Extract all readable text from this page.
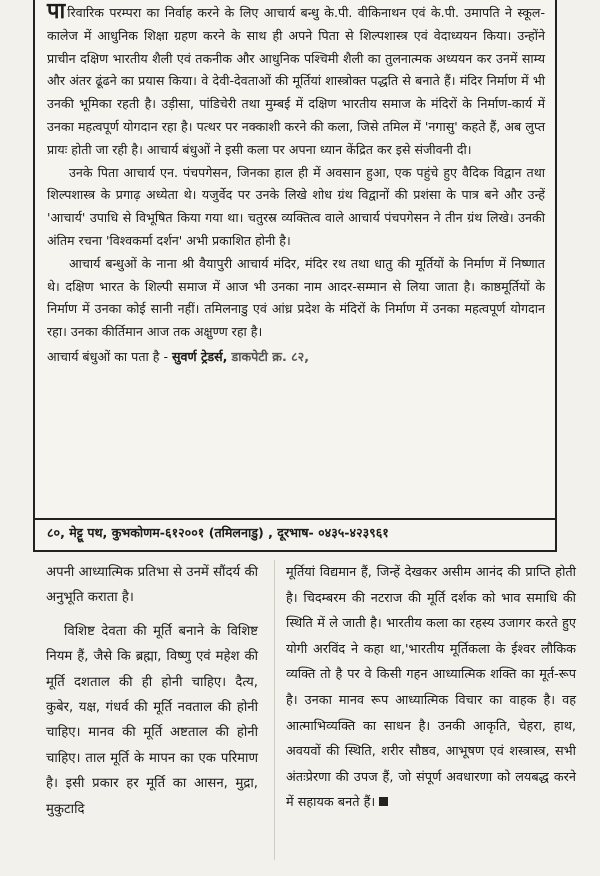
पारिवारिक परम्परा का निर्वाह करने के लिए आचार्य बन्धु के.पी. वीकिनाथन एवं के.पी. उमापति ने स्कूल-कालेज में आधुनिक शिक्षा ग्रहण करने के साथ ही अपने पिता से शिल्पशास्त्र एवं वेदाध्ययन किया। उन्होंने प्राचीन दक्षिण भारतीय शैली एवं तकनीक और आधुनिक पश्चिमी शैली का तुलनात्मक अध्ययन कर उनमें साम्य और अंतर ढूंढने का प्रयास किया। वे देवी-देवताओं की मूर्तियां शास्त्रोक्त पद्धति से बनाते हैं। मंदिर निर्माण में भी उनकी भूमिका रहती है। उड़ीसा, पांडिचेरी तथा मुम्बई में दक्षिण भारतीय समाज के मंदिरों के निर्माण-कार्य में उनका महत्वपूर्ण योगदान रहा है। पत्थर पर नक्काशी करने की कला, जिसे तमिल में 'नगासु' कहते हैं, अब लुप्त प्रायः होती जा रही है। आचार्य बंधुओं ने इसी कला पर अपना ध्यान केंद्रित कर इसे संजीवनी दी।

उनके पिता आचार्य एन. पंचपगेसन, जिनका हाल ही में अवसान हुआ, एक पहुंचे हुए वैदिक विद्वान तथा शिल्पशास्त्र के प्रगाढ़ अध्येता थे। यजुर्वेद पर उनके लिखे शोध ग्रंथ विद्वानों की प्रशंसा के पात्र बने और उन्हें 'आचार्य' उपाधि से विभूषित किया गया था। चतुरस्र व्यक्तित्व वाले आचार्य पंचपगेसन ने तीन ग्रंथ लिखे। उनकी अंतिम रचना 'विश्वकर्मा दर्शन' अभी प्रकाशित होनी है।

आचार्य बन्धुओं के नाना श्री वैयापुरी आचार्य मंदिर, मंदिर रथ तथा धातु की मूर्तियों के निर्माण में निष्णात थे। दक्षिण भारत के शिल्पी समाज में आज भी उनका नाम आदर-सम्मान से लिया जाता है। काष्ठमूर्तियों के निर्माण में उनका कोई सानी नहीं। तमिलनाडु एवं आंध्र प्रदेश के मंदिरों के निर्माण में उनका महत्वपूर्ण योगदान रहा। उनका कीर्तिमान आज तक अक्षुण्ण रहा है।

आचार्य बंधुओं का पता है - सुवर्ण ट्रेडर्स, डाकपेटी क्र. ८२,

८०, मेट्टू पथ, कुभकोणम-६१२००१ (तमिलनाडु) , दूरभाष- ०४३५-४२३९६१

अपनी आध्यात्मिक प्रतिभा से उनमें सौंदर्य की अनुभूति कराता है।

विशिष्ट देवता की मूर्ति बनाने के विशिष्ट नियम हैं, जैसे कि ब्रह्मा, विष्णु एवं महेश की मूर्ति दशताल की ही होनी चाहिए। दैत्य, कुबेर, यक्ष, गंधर्व की मूर्ति नवताल की होनी चाहिए। मानव की मूर्ति अष्टताल की होनी चाहिए। ताल मूर्ति के मापन का एक परिमाण है। इसी प्रकार हर मूर्ति का आसन, मुद्रा, मुकुटादि

मूर्तियां विद्यमान हैं, जिन्हें देखकर असीम आनंद की प्राप्ति होती है। चिदम्बरम की नटराज की मूर्ति दर्शक को भाव समाधि की स्थिति में ले जाती है। भारतीय कला का रहस्य उजागर करते हुए योगी अरविंद ने कहा था,'भारतीय मूर्तिकला के ईश्वर लौकिक व्यक्ति तो है पर वे किसी गहन आध्यात्मिक शक्ति का मूर्त-रूप है। उनका मानव रूप आध्यात्मिक विचार का वाहक है। वह आत्माभिव्यक्ति का साधन है। उनकी आकृति, चेहरा, हाथ, अवयवों की स्थिति, शरीर सौष्ठव, आभूषण एवं शस्त्रास्त्र, सभी अंतःप्रेरणा की उपज हैं, जो संपूर्ण अवधारणा को लयबद्ध करने में सहायक बनते हैं।
